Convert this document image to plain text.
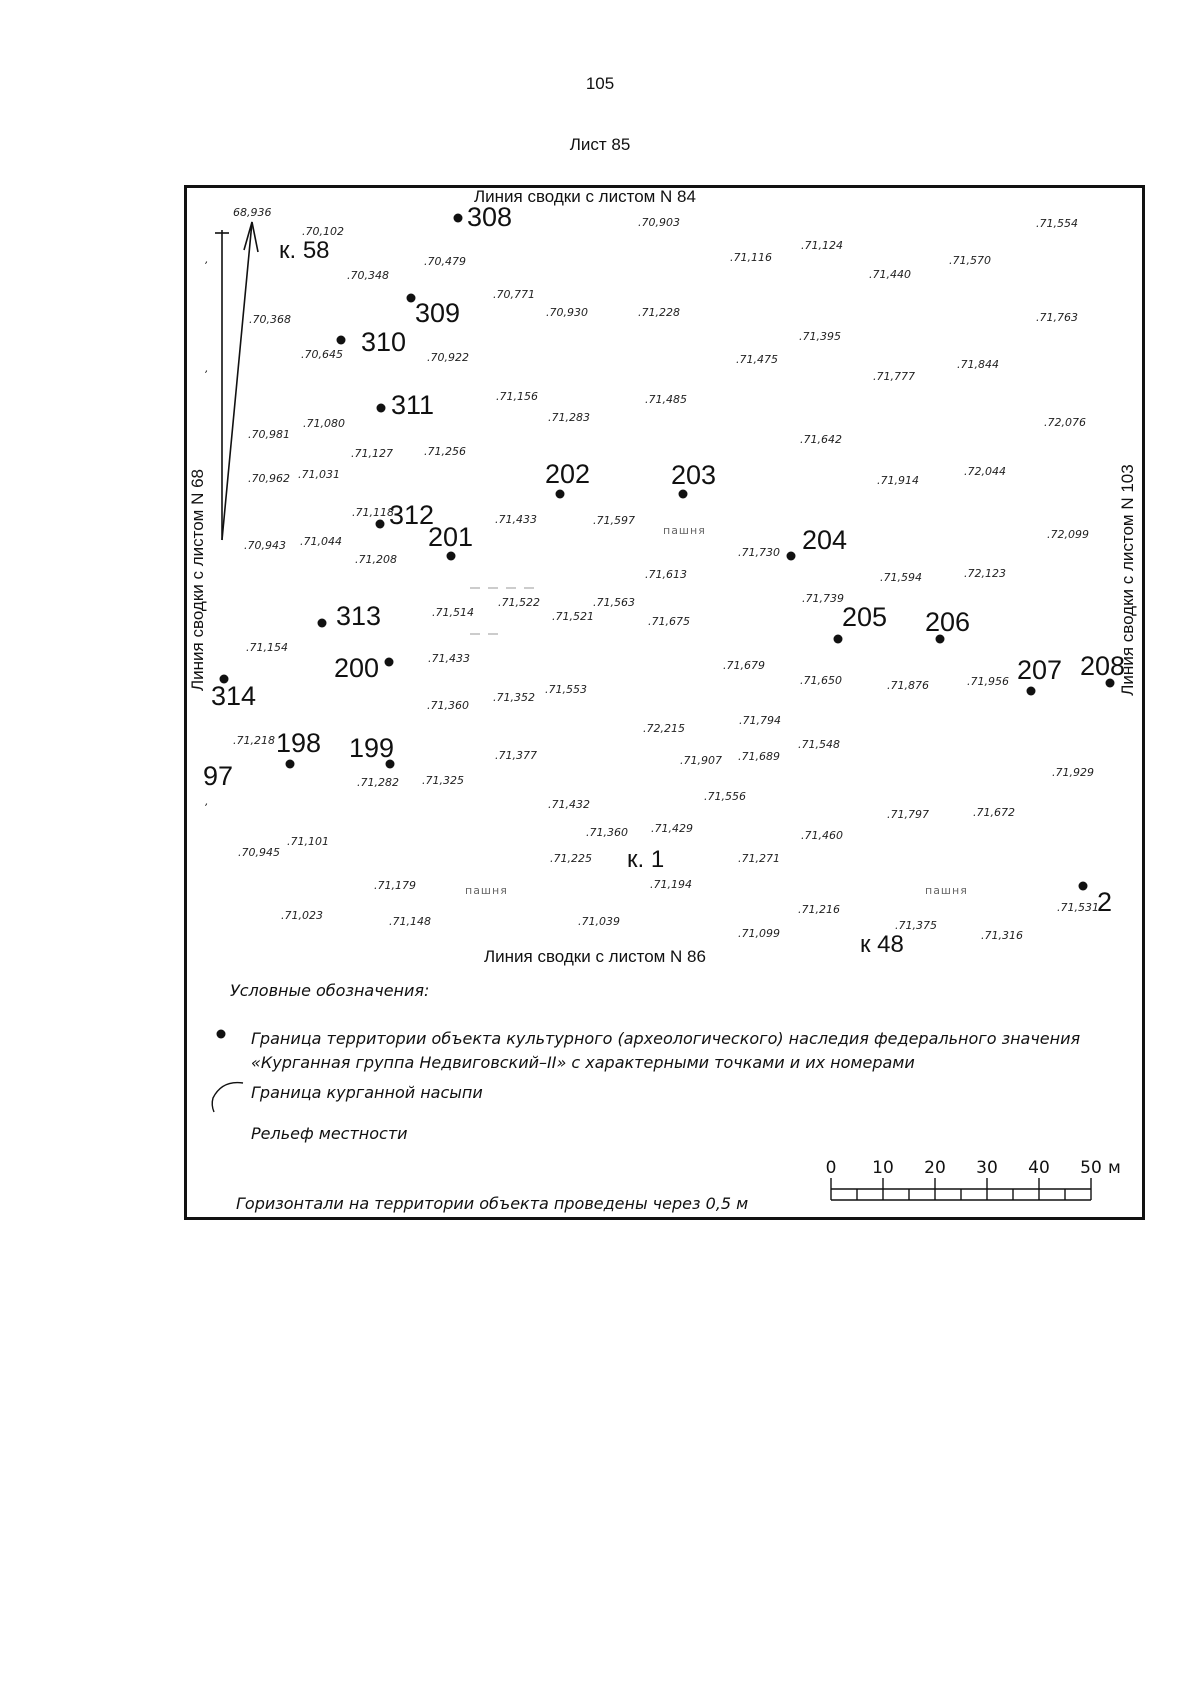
105
Лист 85
Линия сводки с листом N 84
Линия сводки с листом N 86
Линия сводки с листом N 68	Линия сводки с листом N 103
68,936
,
,
,
пашня
пашня	пашня
к. 58
к. 1
к 48
308
309
310
311
312
313
314
200
201
202	203
204
205 206
207 208
198 199
97
2
.70,102
.70,348
.70,479
.70,771
.70,930
.70,903
.71,116
.71,124
.71,440
.71,570
.71,554
.70,368
.70,645	.70,922
.71,228
.71,395
.71,475
.71,777
.71,844
.71,763
.70,981
.71,080
.71,156
.71,283
.71,485
.71,642
.72,076
.71,127	.71,256
.70,962 .71,031	.71,914
.72,044
.71,118
.71,433	.71,597
.71,730
.72,099
.70,943 .71,044
.71,208
.71,613	.71,594	.72,123
.71,514
.71,522
.71,521
.71,563
.71,675
.71,739
.71,154
.71,433
.71,679
.71,650	.71,876	.71,956
.71,360
.71,352
.71,553
.71,794
.72,215
.71,218
.71,377	.71,907 .71,689
.71,548
.71,929
.71,282 .71,325
.71,556
.71,432
.71,797	.71,672
.71,360 .71,429
.71,460
.70,945
.71,101
.71,225	.71,271
.71,179	.71,194
.71,531
.71,023	.71,148	.71,039
.71,216
.71,375
.71,316
.71,099
Условные обозначения:
Граница территории объекта культурного (археологического) наследия федерального значения
«Курганная группа Недвиговский–II» с характерными точками и их номерами
Граница курганной насыпи
Рельеф местности
Горизонтали на территории объекта проведены через 0,5 м
0 10 20 30 40 50 м
